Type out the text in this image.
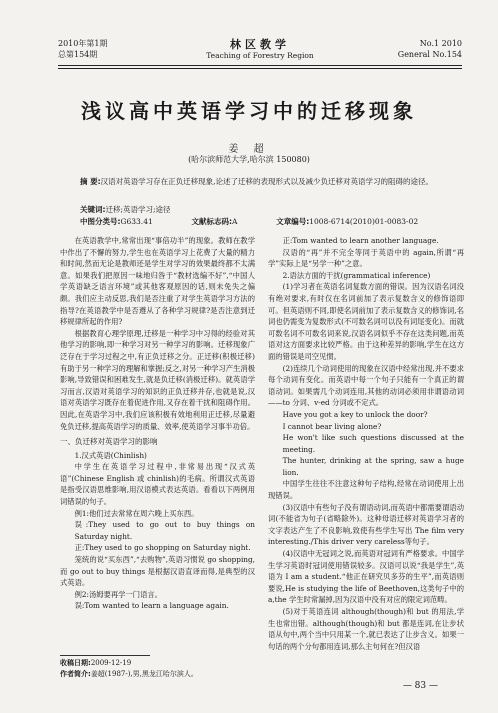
2010年第1期
总第154期
林区教学
Teaching of Forestry Region
No.1 2010
General No.154
浅议高中英语学习中的迁移现象
姜 超
(哈尔滨师范大学,哈尔滨 150080)
摘 要:汉语对英语学习存在正负迁移现象,论述了迁移的表现形式以及减少负迁移对英语学习的阻碍的途径。
关键词:迁移;英语学习;途径
中图分类号:G633.41	文献标志码:A	文章编号:1008-6714(2010)01-0083-02

在英语教学中,常常出现“事倍功半”的现象。教师在教学中作出了不懈的努力,学生也在英语学习上花费了大量的精力和时间,然而无论是教师还是学生对学习的效果最终都不太满意。如果我们把原因一味地归咎于“教材选编不好”,“中国人学英语缺乏语言环境”或其他客观原因的话,则未免失之偏颇。我们应主动反思,我们是否注重了对学生英语学习方法的指导?在英语教学中是否遵从了各种学习规律?是否注意到迁移规律所起的作用?

根据教育心理学原理,迁移是一种学习中习得的经验对其他学习的影响,即一种学习对另一种学习的影响。迁移现象广泛存在于学习过程之中,有正负迁移之分。正迁移(积极迁移)有助于另一种学习的理解和掌握;反之,对另一种学习产生消极影响,导致错误和困难发生,就是负迁移(消极迁移)。就英语学习而言,汉语对英语学习的知识的正负迁移并存,也就是说,汉语对英语学习既存在着促进作用,又存在着干扰和阻碍作用。因此,在英语学习中,我们应该积极有效地利用正迁移,尽量避免负迁移,提高英语学习的质量、效率,使英语学习事半功倍。

一、负迁移对英语学习的影响

1.汉式英语(Chinlish)

中学生在英语学习过程中,非常易出现“汉式英语”(Chinese English 或 chinlish)的毛病。所谓汉式英语是指受汉语思维影响,用汉语模式表达英语。看看以下两例用词错误的句子。

例1:他们过去常常在周六晚上买东西。

误:They used to go out to buy things on Saturday night.

正:They used to go shopping on Saturday night.

笼统的说“买东西”,“去购物”,英语习惯说 go shopping,而 go out to buy things 是根据汉语直译而得,是典型的汉式英语。

例2:汤姆要再学一门语言。

误:Tom wanted to learn a language again.

正:Tom wanted to learn another language.

汉语的“再”并不完全等同于英语中的 again,所谓“再学”实际上是“另学一种”之意。

2.语法方面的干扰(grammatical inference)

(1)学习者在英语名词复数方面的错误。因为汉语名词没有绝对要求,有时仅在名词前加了表示复数含义的修饰语即可。但英语则不同,即使名词前加了表示复数含义的修饰词,名词也仍需变为复数形式(不可数名词可以没有词尾变化)。而就可数名词不可数名词来说,汉语名词似乎不存在这类问题,而英语对这方面要求比较严格。由于这种差异的影响,学生在这方面的错误是司空见惯。

(2)连续几个动词使用的现象在汉语中经常出现,并不要求每个动词有变化。而英语中每一个句子只能有一个真正的谓语动词。如果需几个动词连用,其他的动词必须用非谓语动词——to 分词、v-ed 分词或不定式。

Have you got a key to unlock the door?

I cannot bear living alone?

He won't like such questions discussed at the meeting.

The hunter, drinking at the spring, saw a huge lion.

中国学生往往不注意这种句子结构,经常在动词使用上出现错误。

(3)汉语中有些句子没有谓语动词,而英语中都需要谓语动词(不能省为句子(省略除外)。这种母语迁移对英语学习者的文字表达产生了不良影响,致使有些学生写出 The film very interesting./This driver very careless等句子。

(4)汉语中无冠词之说,而英语对冠词有严格要求。中国学生学习英语时冠词使用错误较多。汉语可以说“我是学生”,英语为 I am a student.“他正在研究贝多芬的生平”,而英语则要说,He is studying the life of Beethoven,这类句子中的 a,the 学生时常漏掉,因为汉语中没有对应的限定词范畴。

(5)对于英语连词 although(though)和 but 的用法,学生也常出错。although(though)和 but 都是连词,在让步状语从句中,两个当中只用某一个,就已表达了让步含义。如果一句话的两个分句都用连词,那么主句何在?但汉语

收稿日期:2009-12-19
作者简介:姜超(1987-),男,黑龙江哈尔滨人。
— 83 —
